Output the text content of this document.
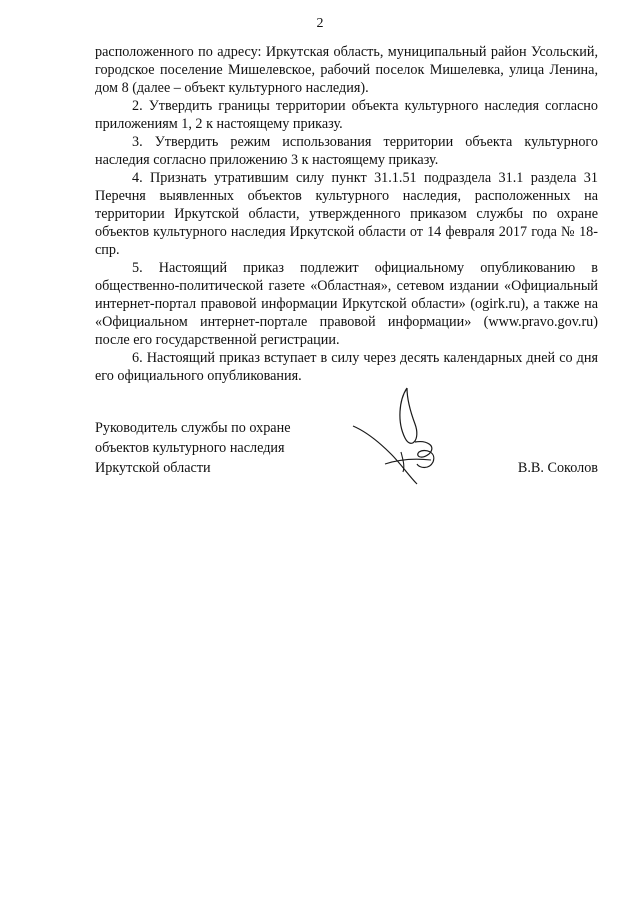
2

расположенного по адресу: Иркутская область, муниципальный район Усольский, городское поселение Мишелевское, рабочий поселок Мишелевка, улица Ленина, дом 8 (далее – объект культурного наследия).

2. Утвердить границы территории объекта культурного наследия согласно приложениям 1, 2 к настоящему приказу.

3. Утвердить режим использования территории объекта культурного наследия согласно приложению 3 к настоящему приказу.

4. Признать утратившим силу пункт 31.1.51 подраздела 31.1 раздела 31 Перечня выявленных объектов культурного наследия, расположенных на территории Иркутской области, утвержденного приказом службы по охране объектов культурного наследия Иркутской области от 14 февраля 2017 года № 18-спр.

5. Настоящий приказ подлежит официальному опубликованию в общественно-политической газете «Областная», сетевом издании «Официальный интернет-портал правовой информации Иркутской области» (ogirk.ru), а также на «Официальном интернет-портале правовой информации» (www.pravo.gov.ru) после его государственной регистрации.

6. Настоящий приказ вступает в силу через десять календарных дней со дня его официального опубликования.

Руководитель службы по охране
объектов культурного наследия
Иркутской области	В.В. Соколов
